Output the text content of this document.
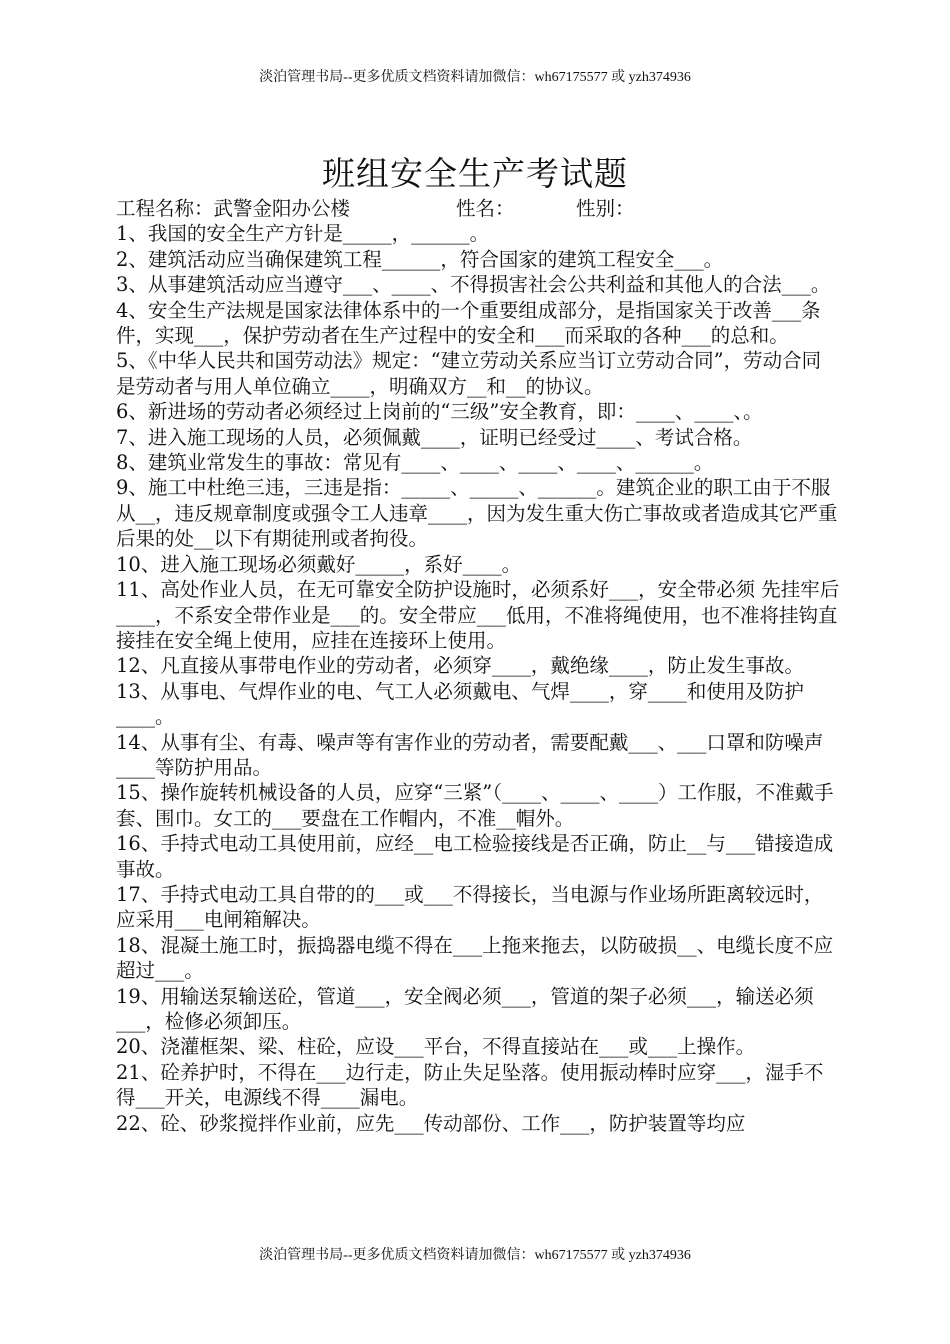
淡泊管理书局--更多优质文档资料请加微信：wh67175577 或 yzh374936
班组安全生产考试题
工程名称：武警金阳办公楼	性名：	性别：

1、我国的安全生产方针是_____，______。

2、建筑活动应当确保建筑工程______，符合国家的建筑工程安全___。

3、从事建筑活动应当遵守___、____、不得损害社会公共利益和其他人的合法___。

4、安全生产法规是国家法律体系中的一个重要组成部分，是指国家关于改善___条件，实现___，保护劳动者在生产过程中的安全和___而采取的各种___的总和。

5、《中华人民共和国劳动法》规定：“建立劳动关系应当订立劳动合同”，劳动合同是劳动者与用人单位确立____，明确双方__和__的协议。

6、新进场的劳动者必须经过上岗前的“三级”安全教育，即：____、____、。

7、进入施工现场的人员，必须佩戴____，证明已经受过____、考试合格。

8、建筑业常发生的事故：常见有____、____、____、____、______。

9、施工中杜绝三违，三违是指：_____、_____、______。建筑企业的职工由于不服从__，违反规章制度或强令工人违章____，因为发生重大伤亡事故或者造成其它严重后果的处__以下有期徒刑或者拘役。

10、进入施工现场必须戴好_____，系好____。

11、高处作业人员，在无可靠安全防护设施时，必须系好___，安全带必须 先挂牢后____，不系安全带作业是___的。安全带应___低用，不准将绳使用，也不准将挂钩直接挂在安全绳上使用，应挂在连接环上使用。

12、凡直接从事带电作业的劳动者，必须穿____，戴绝缘____，防止发生事故。

13、从事电、气焊作业的电、气工人必须戴电、气焊____，穿____和使用及防护____。

14、从事有尘、有毒、噪声等有害作业的劳动者，需要配戴___、___口罩和防噪声____等防护用品。

15、操作旋转机械设备的人员，应穿“三紧”（____、____、____）工作服，不准戴手套、围巾。女工的___要盘在工作帽内，不准__帽外。

16、手持式电动工具使用前，应经__电工检验接线是否正确，防止__与___错接造成事故。

17、手持式电动工具自带的的___或___不得接长，当电源与作业场所距离较远时，应采用___电闸箱解决。

18、混凝土施工时，振捣器电缆不得在___上拖来拖去，以防破损__、电缆长度不应超过___。

19、用输送泵输送砼，管道___，安全阀必须___，管道的架子必须___，输送必须___，检修必须卸压。

20、浇灌框架、梁、柱砼，应设___平台，不得直接站在___或___上操作。

21、砼养护时，不得在___边行走，防止失足坠落。使用振动棒时应穿___，湿手不得___开关，电源线不得____漏电。

22、砼、砂浆搅拌作业前，应先___传动部份、工作___，防护装置等均应

淡泊管理书局--更多优质文档资料请加微信：wh67175577 或 yzh374936
